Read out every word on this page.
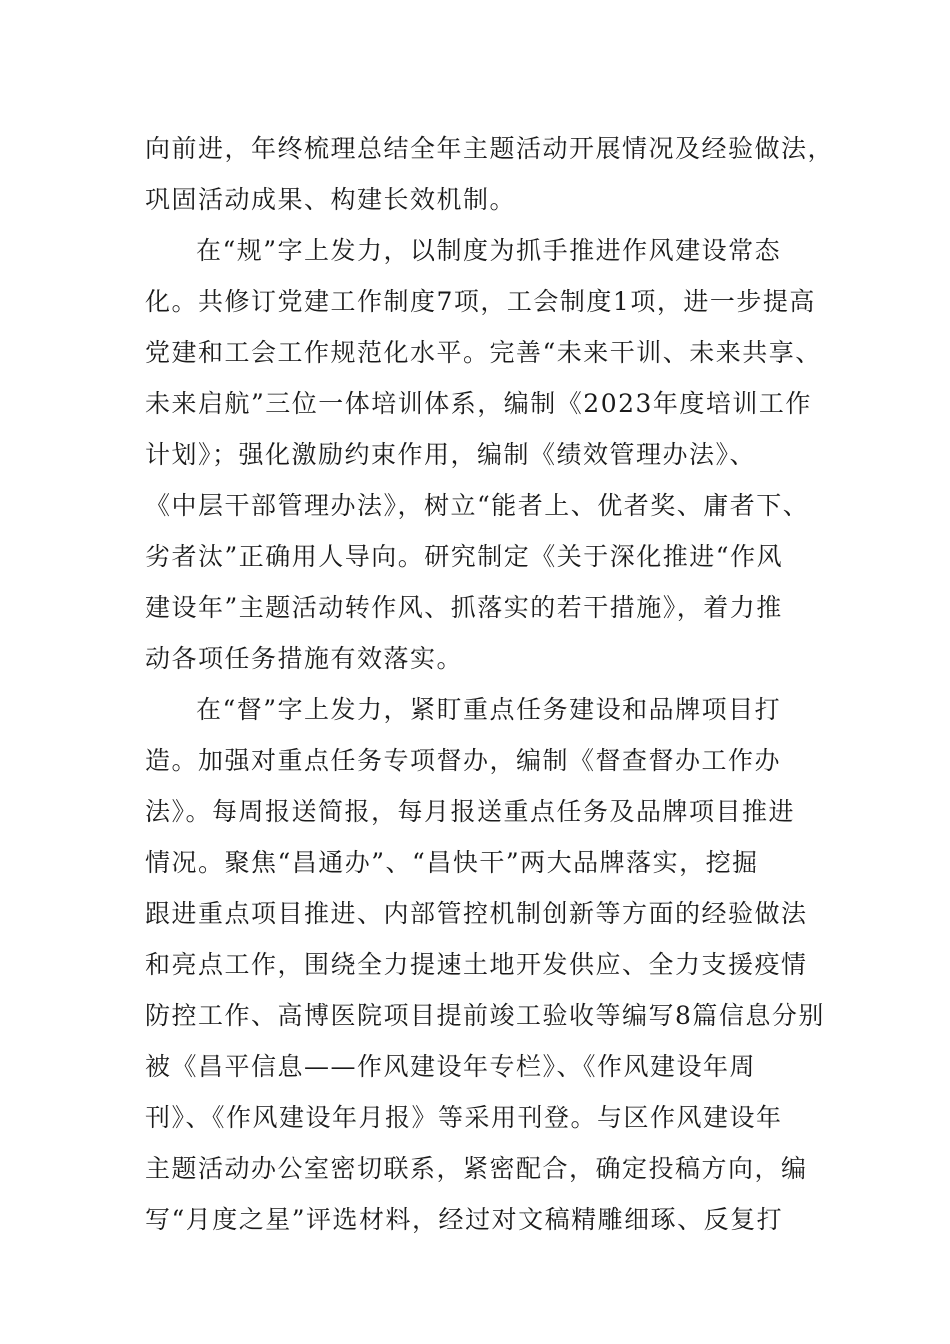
向前进，年终梳理总结全年主题活动开展情况及经验做法，
巩固活动成果、构建长效机制。
在“规”字上发力，以制度为抓手推进作风建设常态
化。共修订党建工作制度7项，工会制度1项，进一步提高
党建和工会工作规范化水平。完善“未来干训、未来共享、
未来启航”三位一体培训体系，编制《2023年度培训工作
计划》；强化激励约束作用，编制《绩效管理办法》、
《中层干部管理办法》，树立“能者上、优者奖、庸者下、
劣者汰”正确用人导向。研究制定《关于深化推进“作风
建设年”主题活动转作风、抓落实的若干措施》，着力推
动各项任务措施有效落实。
在“督”字上发力，紧盯重点任务建设和品牌项目打
造。加强对重点任务专项督办，编制《督查督办工作办
法》。每周报送简报，每月报送重点任务及品牌项目推进
情况。聚焦“昌通办”、“昌快干”两大品牌落实，挖掘
跟进重点项目推进、内部管控机制创新等方面的经验做法
和亮点工作，围绕全力提速土地开发供应、全力支援疫情
防控工作、高博医院项目提前竣工验收等编写8篇信息分别
被《昌平信息——作风建设年专栏》、《作风建设年周
刊》、《作风建设年月报》等采用刊登。与区作风建设年
主题活动办公室密切联系，紧密配合，确定投稿方向，编
写“月度之星”评选材料，经过对文稿精雕细琢、反复打
